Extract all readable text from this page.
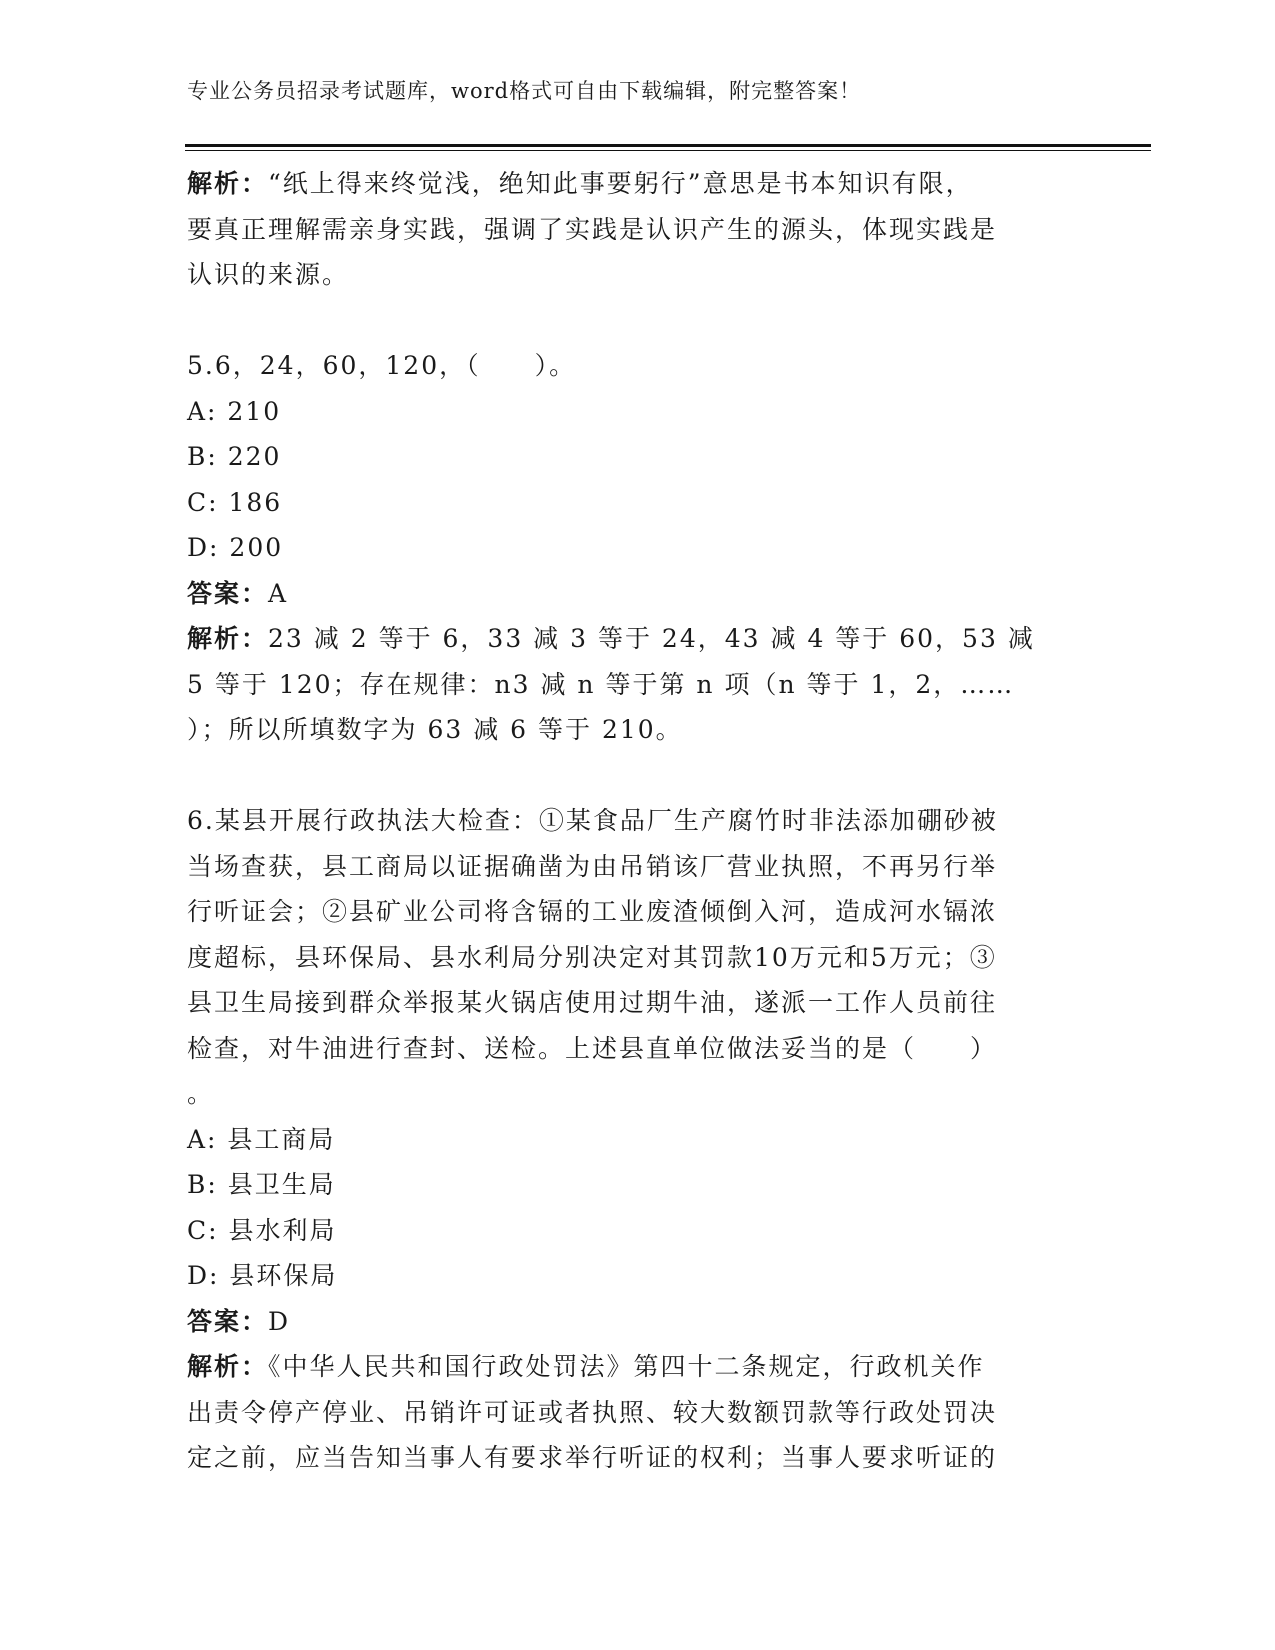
专业公务员招录考试题库，word格式可自由下载编辑，附完整答案！

解析：“纸上得来终觉浅，绝知此事要躬行”意思是书本知识有限，

要真正理解需亲身实践，强调了实践是认识产生的源头，体现实践是

认识的来源。

5.6，24，60，120，（　　）。

A: 210

B: 220

C: 186

D: 200

答案：A

解析：23 减 2 等于 6，33 减 3 等于 24，43 减 4 等于 60，53 减

5 等于 120；存在规律：n3 减 n 等于第 n 项（n 等于 1，2，……

）；所以所填数字为 63 减 6 等于 210。

6.某县开展行政执法大检查：①某食品厂生产腐竹时非法添加硼砂被

当场查获，县工商局以证据确凿为由吊销该厂营业执照，不再另行举

行听证会；②县矿业公司将含镉的工业废渣倾倒入河，造成河水镉浓

度超标，县环保局、县水利局分别决定对其罚款10万元和5万元；③

县卫生局接到群众举报某火锅店使用过期牛油，遂派一工作人员前往

检查，对牛油进行查封、送检。上述县直单位做法妥当的是（　　）

。

A: 县工商局

B: 县卫生局

C: 县水利局

D: 县环保局

答案：D

解析：《中华人民共和国行政处罚法》第四十二条规定，行政机关作

出责令停产停业、吊销许可证或者执照、较大数额罚款等行政处罚决

定之前，应当告知当事人有要求举行听证的权利；当事人要求听证的
